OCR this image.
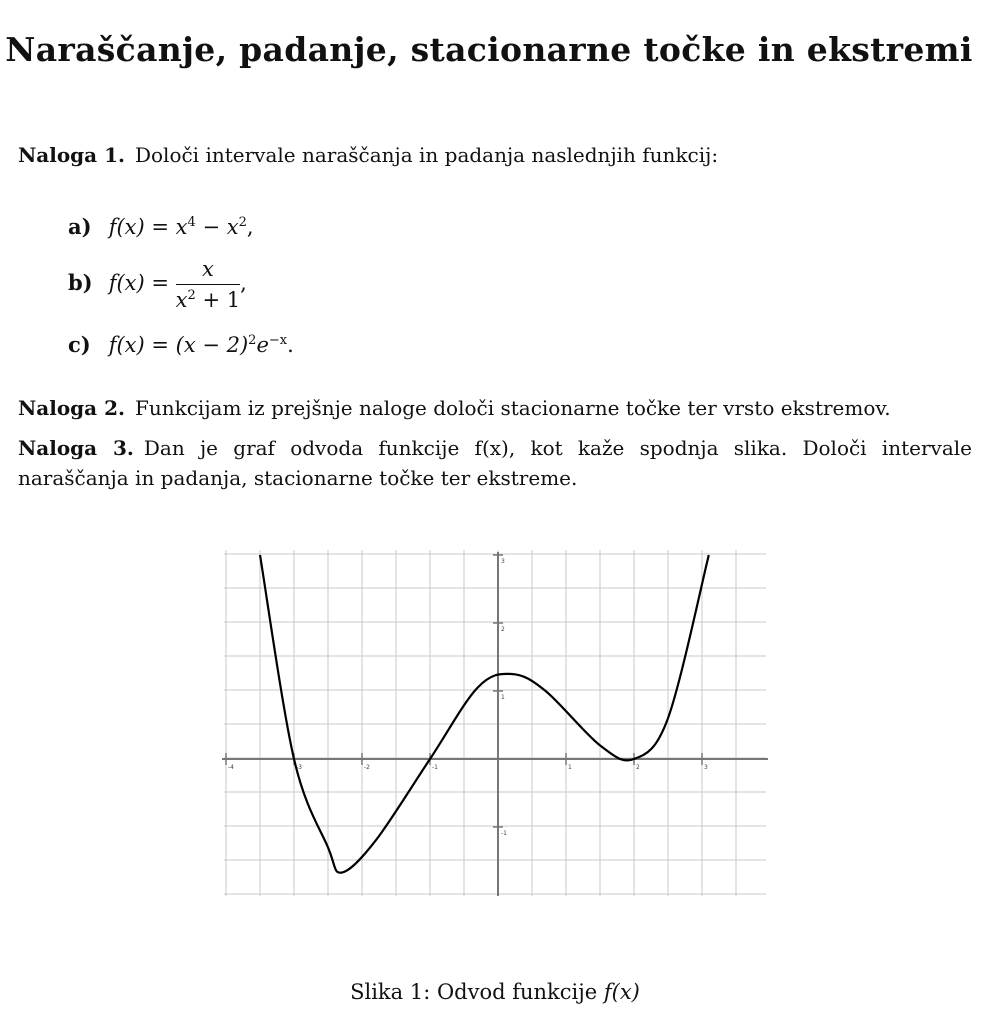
Naraščanje, padanje, stacionarne točke in ekstremi
Naloga 1. Določi intervale naraščanja in padanja naslednjih funkcij:
a) $f(x) = x^4 - x^2$,
b) $f(x) = \frac{x}{x^2 + 1}$ ,
c) $f(x) = (x - 2)^2e^{-x}$.
Naloga 2. Funkcijam iz prejšnje naloge določi stacionarne točke ter vrsto ekstremov.
Naloga 3. Dan je graf odvoda funkcije f(x), kot kaže spodnja slika. Določi intervale naraščanja in padanja, stacionarne točke ter ekstreme.
-4	-3	-2	-1	1	2	3
3
2
1
-1
Slika 1: Odvod funkcije f(x)
